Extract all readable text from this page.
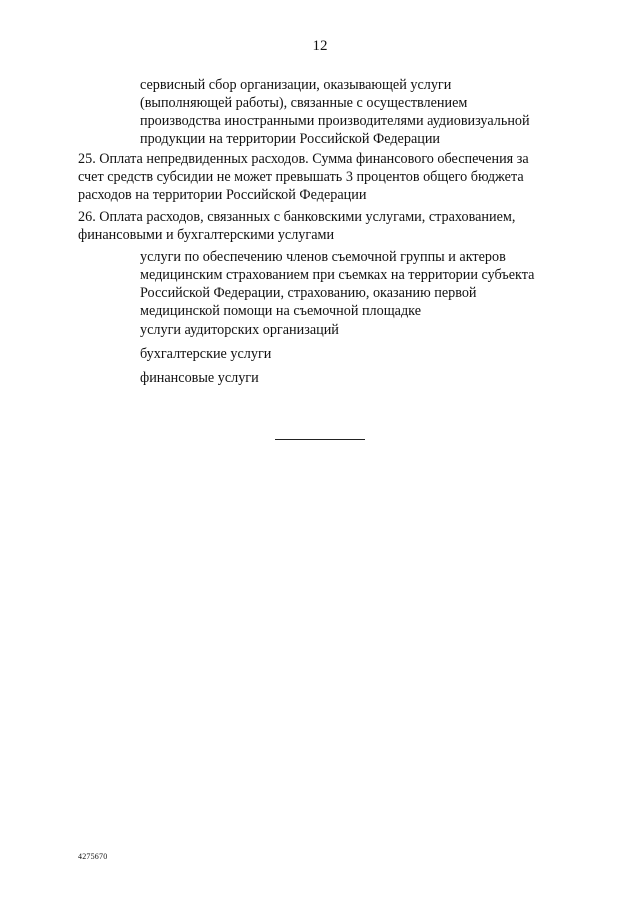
12
сервисный сбор организации, оказывающей услуги
(выполняющей работы), связанные с осуществлением
производства иностранными производителями аудиовизуальной
продукции на территории Российской Федерации
25. Оплата непредвиденных расходов. Сумма финансового обеспечения за
счет средств субсидии не может превышать 3 процентов общего бюджета
расходов на территории Российской Федерации
26. Оплата расходов, связанных с банковскими услугами, страхованием,
финансовыми и бухгалтерскими услугами
услуги по обеспечению членов съемочной группы и актеров
медицинским страхованием при съемках на территории субъекта
Российской Федерации, страхованию, оказанию первой
медицинской помощи на съемочной площадке
услуги аудиторских организаций
бухгалтерские услуги
финансовые услуги
4275670
